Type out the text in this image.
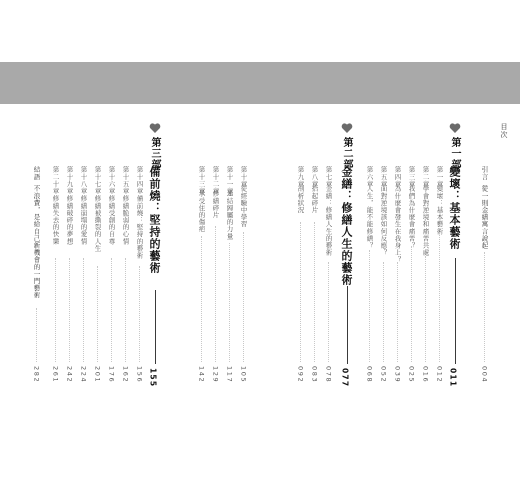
目次
引言
從一則金繕寓言說起
004
第一部
變壞：基本藝術
011
第一章
變壞：基本藝術
012
第二章
學會對逆境和痛苦共處
016
第三章
我們為什麼會痛苦？
025
第四章
為什麼會發生在我身上？
039
第五章
面對逆境該如何反應？
052
第六章
人生，能不能修繕？
068
第二部
金繕：修繕人生的藝術
077
第七章
金繕：修繕人生的藝術
078
第八章
拾起碎片
083
第九章
剖析狀況
092
第十章
從經驗中學習
105
第十一章
連結歸屬的力量
117
第十二章
修繕碎片
129
第十三章
承受住的傷疤
142
第三部
備前燒：堅持的藝術
155
第十四章
備前燒：堅持的藝術
156
第十五章
修繕脆弱的心情
162
第十六章
修繕受創的自尊
176
第十七章
修繕被撕裂的人生
201
第十八章
修繕崩塌的愛情
224
第十九章
修繕破碎的夢想
242
第二十章
修繕失去的快樂
261
結語
不浪費，是給自己新機會的一門藝術
282
